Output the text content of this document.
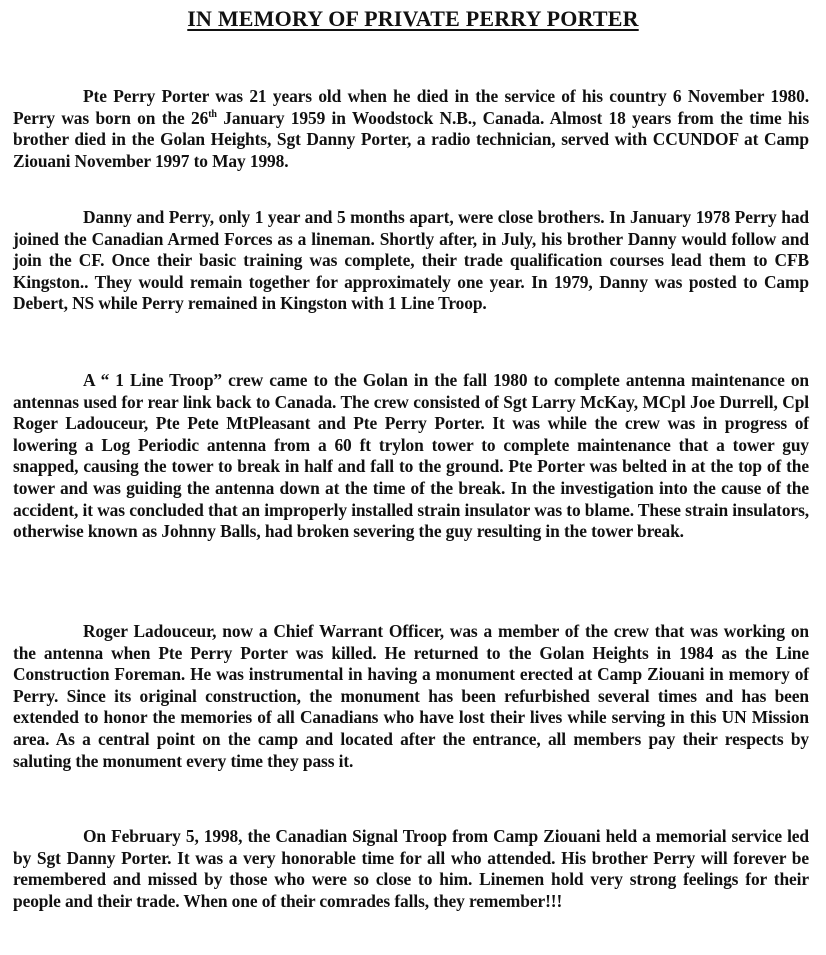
IN MEMORY OF PRIVATE PERRY PORTER

Pte Perry Porter was 21 years old when he died in the service of his country 6 November 1980. Perry was born on the 26th January 1959 in Woodstock N.B., Canada. Almost 18 years from the time his brother died in the Golan Heights, Sgt Danny Porter, a radio technician, served with CCUNDOF at Camp Ziouani November 1997 to May 1998.

Danny and Perry, only 1 year and 5 months apart, were close brothers. In January 1978 Perry had joined the Canadian Armed Forces as a lineman. Shortly after, in July, his brother Danny would follow and join the CF. Once their basic training was complete, their trade qualification courses lead them to CFB Kingston.. They would remain together for approximately one year. In 1979, Danny was posted to Camp Debert, NS while Perry remained in Kingston with 1 Line Troop.

A “ 1 Line Troop” crew came to the Golan in the fall 1980 to complete antenna maintenance on antennas used for rear link back to Canada. The crew consisted of Sgt Larry McKay, MCpl Joe Durrell, Cpl Roger Ladouceur, Pte Pete MtPleasant and Pte Perry Porter. It was while the crew was in progress of lowering a Log Periodic antenna from a 60 ft trylon tower to complete maintenance that a tower guy snapped, causing the tower to break in half and fall to the ground. Pte Porter was belted in at the top of the tower and was guiding the antenna down at the time of the break. In the investigation into the cause of the accident, it was concluded that an improperly installed strain insulator was to blame. These strain insulators, otherwise known as Johnny Balls, had broken severing the guy resulting in the tower break.

Roger Ladouceur, now a Chief Warrant Officer, was a member of the crew that was working on the antenna when Pte Perry Porter was killed. He returned to the Golan Heights in 1984 as the Line Construction Foreman. He was instrumental in having a monument erected at Camp Ziouani in memory of Perry. Since its original construction, the monument has been refurbished several times and has been extended to honor the memories of all Canadians who have lost their lives while serving in this UN Mission area. As a central point on the camp and located after the entrance, all members pay their respects by saluting the monument every time they pass it.

On February 5, 1998, the Canadian Signal Troop from Camp Ziouani held a memorial service led by Sgt Danny Porter. It was a very honorable time for all who attended. His brother Perry will forever be remembered and missed by those who were so close to him. Linemen hold very strong feelings for their people and their trade. When one of their comrades falls, they remember!!!
